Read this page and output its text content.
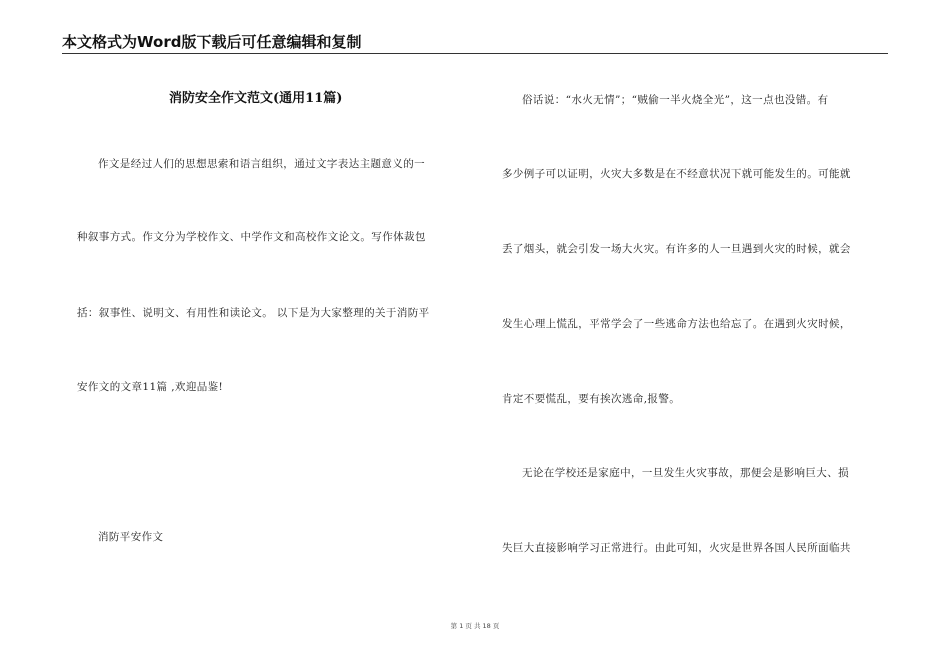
本文格式为Word版下载后可任意编辑和复制
消防安全作文范文(通用11篇)
作文是经过人们的思想思索和语言组织，通过文字表达主题意义的一
种叙事方式。作文分为学校作文、中学作文和高校作文论文。写作体裁包
括：叙事性、说明文、有用性和读论文。 以下是为大家整理的关于消防平
安作文的文章11篇 ,欢迎品鉴!
消防平安作文
俗话说：“水火无情”；“贼偷一半火烧全光”，这一点也没错。有
多少例子可以证明，火灾大多数是在不经意状况下就可能发生的。可能就
丢了烟头，就会引发一场大火灾。有许多的人一旦遇到火灾的时候，就会
发生心理上慌乱，平常学会了一些逃命方法也给忘了。在遇到火灾时候，
肯定不要慌乱，要有挨次逃命,报警。
无论在学校还是家庭中，一旦发生火灾事故，那便会是影响巨大、损
失巨大直接影响学习正常进行。由此可知，火灾是世界各国人民所面临共
第 1 页 共 18 页
